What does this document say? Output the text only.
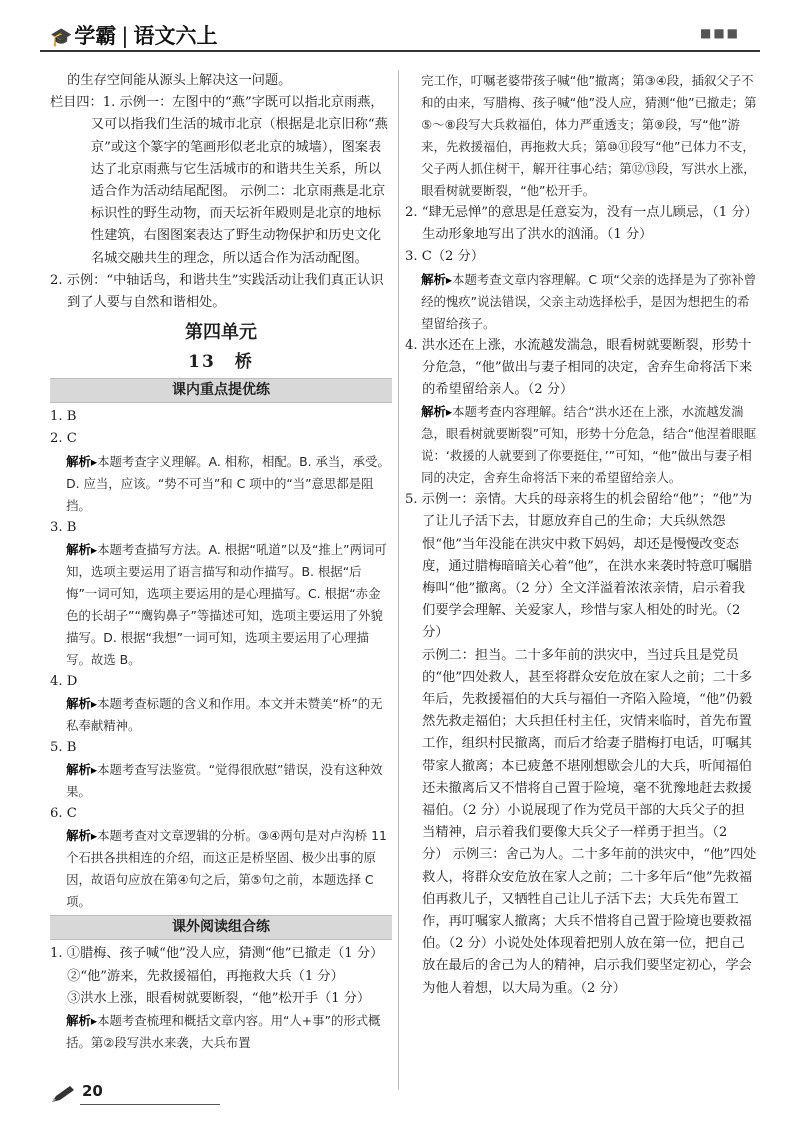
🎓学霸 | 语文六上	■■■

的生存空间能从源头上解决这一问题。

栏目四：1. 示例一：左图中的“燕”字既可以指北京雨燕，又可以指我们生活的城市北京（根据是北京旧称“燕京”或这个篆字的笔画形似老北京的城墙），图案表达了北京雨燕与它生活城市的和谐共生关系，所以适合作为活动结尾配图。 示例二：北京雨燕是北京标识性的野生动物，而天坛祈年殿则是北京的地标性建筑，右图图案表达了野生动物保护和历史文化名城交融共生的理念，所以适合作为活动配图。

2. 示例：“中轴话鸟，和谐共生”实践活动让我们真正认识到了人要与自然和谐相处。

第四单元
13　桥
课内重点提优练

1. B

2. C

解析▸本题考查字义理解。A. 相称，相配。B. 承当，承受。D. 应当，应该。“势不可当”和 C 项中的“当”意思都是阻挡。

3. B

解析▸本题考查描写方法。A. 根据“吼道”以及“推上”两词可知，选项主要运用了语言描写和动作描写。B. 根据“后悔”一词可知，选项主要运用的是心理描写。C. 根据“赤金色的长胡子”“鹰钩鼻子”等描述可知，选项主要运用了外貌描写。D. 根据“我想”一词可知，选项主要运用了心理描写。故选 B。

4. D

解析▸本题考查标题的含义和作用。本文并未赞美“桥”的无私奉献精神。

5. B

解析▸本题考查写法鉴赏。“觉得很欣慰”错误，没有这种效果。

6. C

解析▸本题考查对文章逻辑的分析。③④两句是对卢沟桥 11 个石拱各拱相连的介绍，而这正是桥坚固、极少出事的原因，故语句应放在第④句之后，第⑤句之前，本题选择 C 项。

课外阅读组合练

1. ①腊梅、孩子喊“他”没人应，猜测“他”已撤走（1 分）

②“他”游来，先救援福伯，再拖救大兵（1 分）

③洪水上涨，眼看树就要断裂，“他”松开手（1 分）

解析▸本题考查梳理和概括文章内容。用“人+事”的形式概括。第②段写洪水来袭，大兵布置

完工作，叮嘱老婆带孩子喊“他”撤离；第③④段，插叙父子不和的由来，写腊梅、孩子喊“他”没人应，猜测“他”已撤走；第⑤～⑧段写大兵救福伯，体力严重透支；第⑨段，写“他”游来，先救援福伯，再拖救大兵；第⑩⑪段写“他”已体力不支，父子两人抓住树干，解开往事心结；第⑫⑬段，写洪水上涨，眼看树就要断裂，“他”松开手。

2. “肆无忌惮”的意思是任意妄为，没有一点儿顾忌，（1 分）生动形象地写出了洪水的汹涌。（1 分）

3. C（2 分）

解析▸本题考查文章内容理解。C 项“父亲的选择是为了弥补曾经的愧疚”说法错误，父亲主动选择松手，是因为想把生的希望留给孩子。

4. 洪水还在上涨，水流越发湍急，眼看树就要断裂，形势十分危急，“他”做出与妻子相同的决定，舍弃生命将活下来的希望留给亲人。（2 分）

解析▸本题考查内容理解。结合“洪水还在上涨，水流越发湍急，眼看树就要断裂”可知，形势十分危急，结合“他涅着眼眶说：‘救援的人就要到了你要挺住，’”可知，“他”做出与妻子相同的决定，舍弃生命将活下来的希望留给亲人。

5. 示例一：亲情。大兵的母亲将生的机会留给“他”；“他”为了让儿子活下去，甘愿放弃自己的生命；大兵纵然怨恨“他”当年没能在洪灾中救下妈妈，却还是慢慢改变态度，通过腊梅暗暗关心着“他”，在洪水来袭时特意叮嘱腊梅叫“他”撤离。（2 分）全文洋溢着浓浓亲情，启示着我们要学会理解、关爱家人，珍惜与家人相处的时光。（2 分）

示例二：担当。二十多年前的洪灾中，当过兵且是党员的“他”四处救人，甚至将群众安危放在家人之前；二十多年后，先救援福伯的大兵与福伯一齐陷入险境，“他”仍毅然先救走福伯；大兵担任村主任，灾情来临时，首先布置工作，组织村民撤离，而后才给妻子腊梅打电话，叮嘱其带家人撤离；本已疲惫不堪刚想歇会儿的大兵，听闻福伯还未撤离后又不惜将自己置于险境，毫不犹豫地赶去救援福伯。（2 分）小说展现了作为党员干部的大兵父子的担当精神，启示着我们要像大兵父子一样勇于担当。（2 分） 示例三：舍己为人。二十多年前的洪灾中，“他”四处救人，将群众安危放在家人之前；二十多年后“他”先救福伯再救儿子，又牺牲自己让儿子活下去；大兵先布置工作，再叮嘱家人撤离；大兵不惜将自己置于险境也要救福伯。（2 分）小说处处体现着把别人放在第一位，把自己放在最后的舍己为人的精神，启示我们要坚定初心，学会为他人着想，以大局为重。（2 分）

20
